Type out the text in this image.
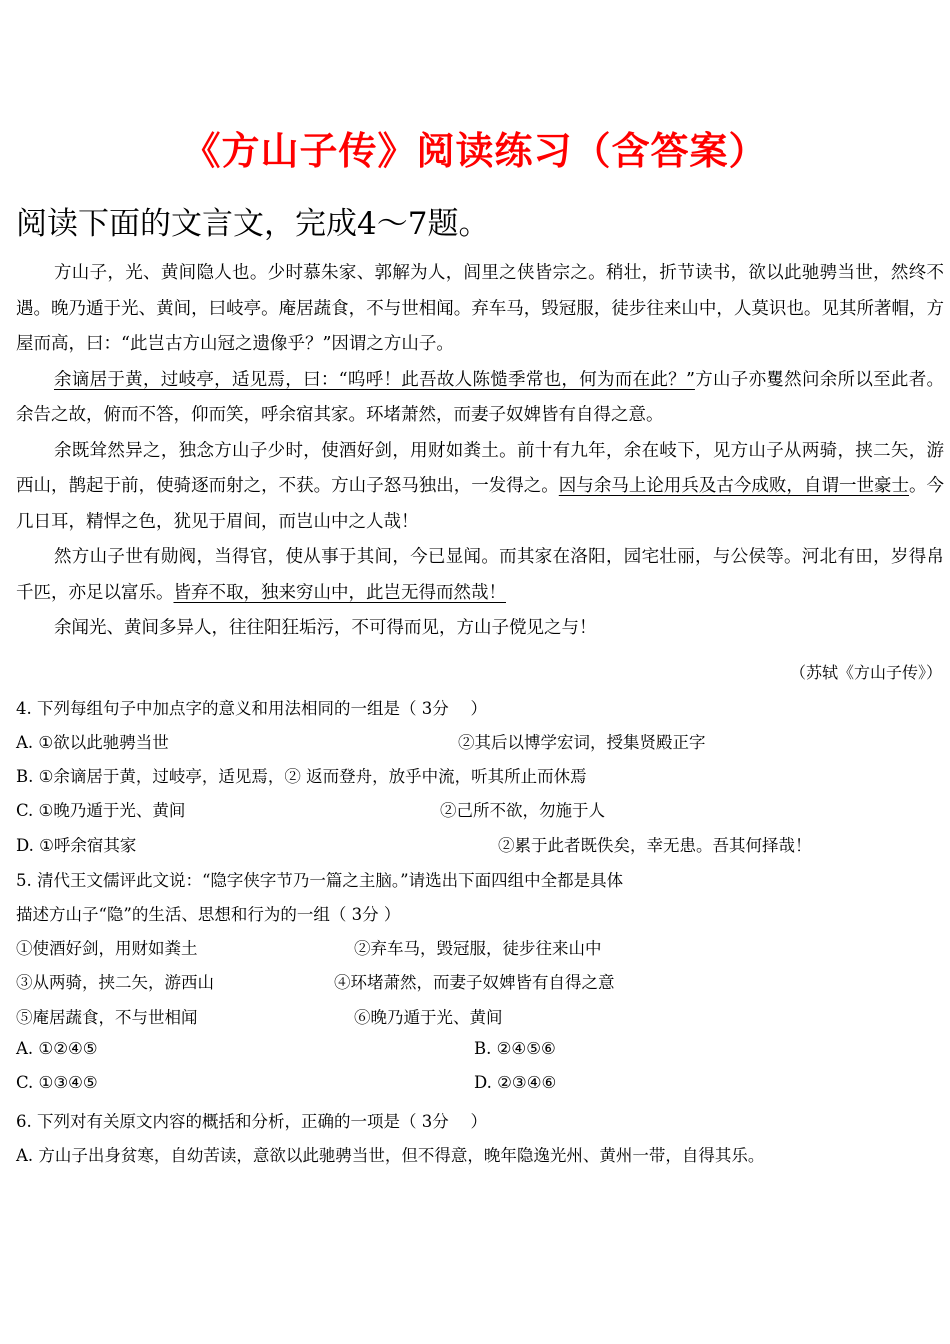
《方山子传》阅读练习（含答案）
阅读下面的文言文，完成4～7题。

方山子，光、黄间隐人也。少时慕朱家、郭解为人，闾里之侠皆宗之。稍壮，折节读书，欲以此驰骋当世，然终不遇。晚乃遁于光、黄间，曰岐亭。庵居蔬食，不与世相闻。弃车马，毁冠服，徒步往来山中，人莫识也。见其所著帽，方屋而高，曰：“此岂古方山冠之遗像乎？”因谓之方山子。

余谪居于黄，过岐亭，适见焉，曰：“呜呼！此吾故人陈慥季常也，何为而在此？”方山子亦矍然问余所以至此者。余告之故，俯而不答，仰而笑，呼余宿其家。环堵萧然，而妻子奴婢皆有自得之意。

余既耸然异之，独念方山子少时，使酒好剑，用财如粪土。前十有九年，余在岐下，见方山子从两骑，挟二矢，游西山，鹊起于前，使骑逐而射之，不获。方山子怒马独出，一发得之。因与余马上论用兵及古今成败，自谓一世豪士。今几日耳，精悍之色，犹见于眉间，而岂山中之人哉！

然方山子世有勋阀，当得官，使从事于其间，今已显闻。而其家在洛阳，园宅壮丽，与公侯等。河北有田，岁得帛千匹，亦足以富乐。皆弃不取，独来穷山中，此岂无得而然哉！

余闻光、黄间多异人，往往阳狂垢污，不可得而见，方山子傥见之与！

（苏轼《方山子传》）
4. 下列每组句子中加点字的意义和用法相同的一组是（ 3分　 ）
A. ①欲以此驰骋当世	②其后以博学宏词，授集贤殿正字
B. ①余谪居于黄，过岐亭，适见焉，② 返而登舟，放乎中流，听其所止而休焉
C. ①晚乃遁于光、黄间	②己所不欲，勿施于人
D. ①呼余宿其家	②累于此者既佚矣，幸无患。吾其何择哉！
5. 清代王文儒评此文说：“隐字侠字节乃一篇之主脑。”请选出下面四组中全都是具体
描述方山子“隐”的生活、思想和行为的一组（ 3分 ）
①使酒好剑，用财如粪土	②弃车马，毁冠服，徒步往来山中
③从两骑，挟二矢，游西山	④环堵萧然，而妻子奴婢皆有自得之意
⑤庵居蔬食，不与世相闻	⑥晚乃遁于光、黄间
A. ①②④⑤	B. ②④⑤⑥
C. ①③④⑤	D. ②③④⑥
6. 下列对有关原文内容的概括和分析，正确的一项是（ 3分　 ）
A. 方山子出身贫寒，自幼苦读，意欲以此驰骋当世，但不得意，晚年隐逸光州、黄州一带，自得其乐。
